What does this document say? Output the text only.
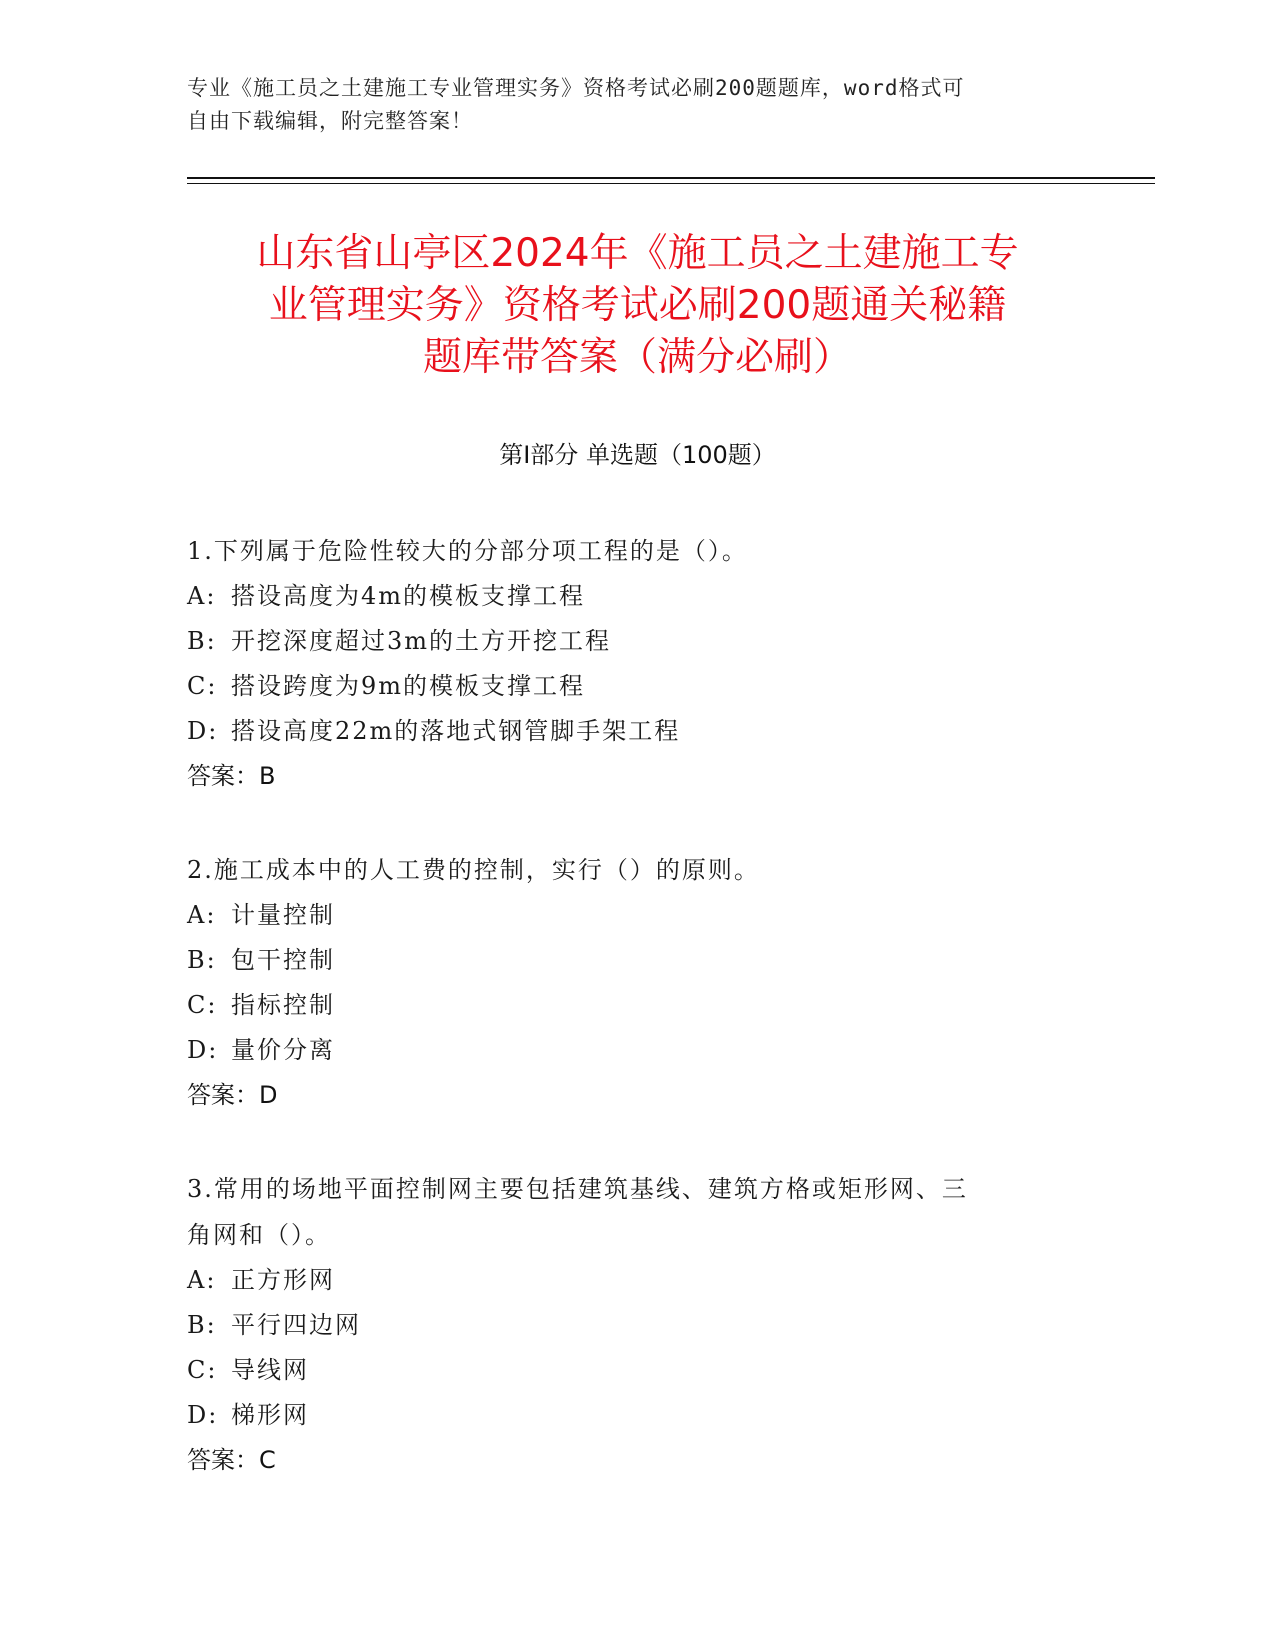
专业《施工员之土建施工专业管理实务》资格考试必刷200题题库，word格式可
自由下载编辑，附完整答案！
山东省山亭区2024年《施工员之土建施工专
业管理实务》资格考试必刷200题通关秘籍
题库带答案（满分必刷）
第Ⅰ部分 单选题（100题）
1.下列属于危险性较大的分部分项工程的是（）。
A: 搭设高度为4m的模板支撑工程
B: 开挖深度超过3m的土方开挖工程
C: 搭设跨度为9m的模板支撑工程
D: 搭设高度22m的落地式钢管脚手架工程
答案：B
2.施工成本中的人工费的控制，实行（）的原则。
A: 计量控制
B: 包干控制
C: 指标控制
D: 量价分离
答案：D
3.常用的场地平面控制网主要包括建筑基线、建筑方格或矩形网、三
角网和（）。
A: 正方形网
B: 平行四边网
C: 导线网
D: 梯形网
答案：C
